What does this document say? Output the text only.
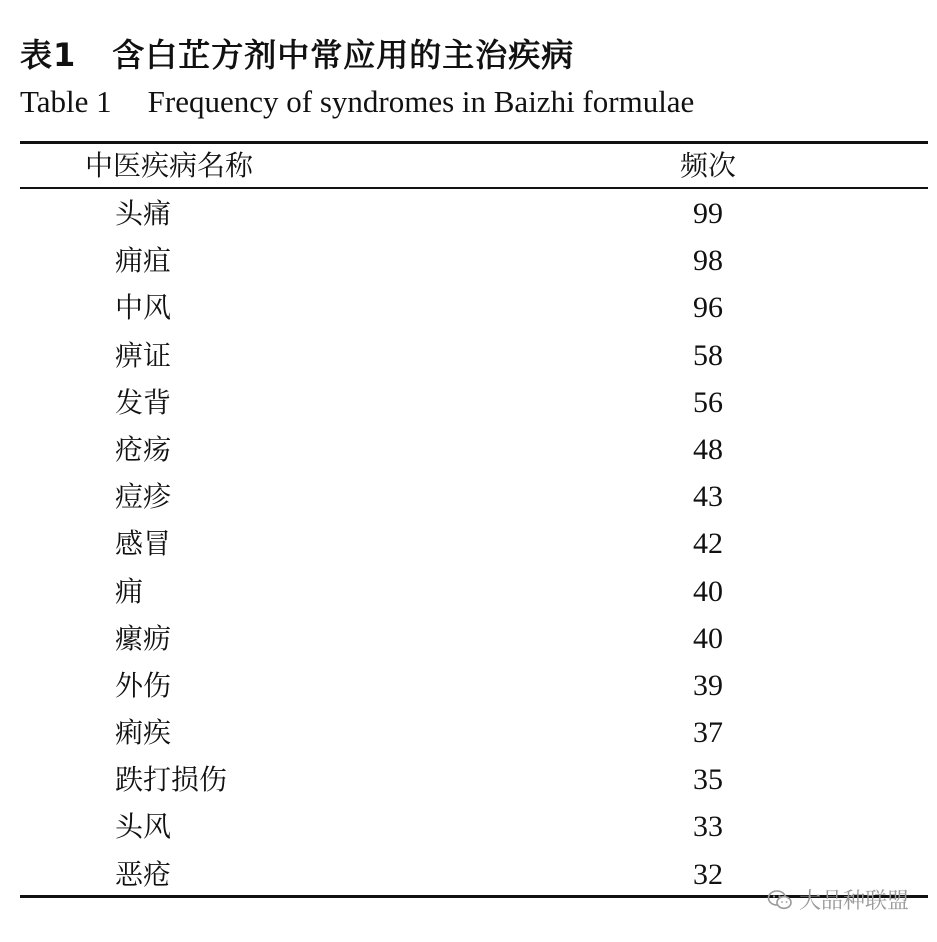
表1 含白芷方剂中常应用的主治疾病
Table 1 Frequency of syndromes in Baizhi formulae
中医疾病名称	频次
头痛	99
痈疽	98
中风	96
痹证	58
发背	56
疮疡	48
痘疹	43
感冒	42
痈	40
瘰疬	40
外伤	39
痢疾	37
跌打损伤	35
头风	33
恶疮	32
大品种联盟
